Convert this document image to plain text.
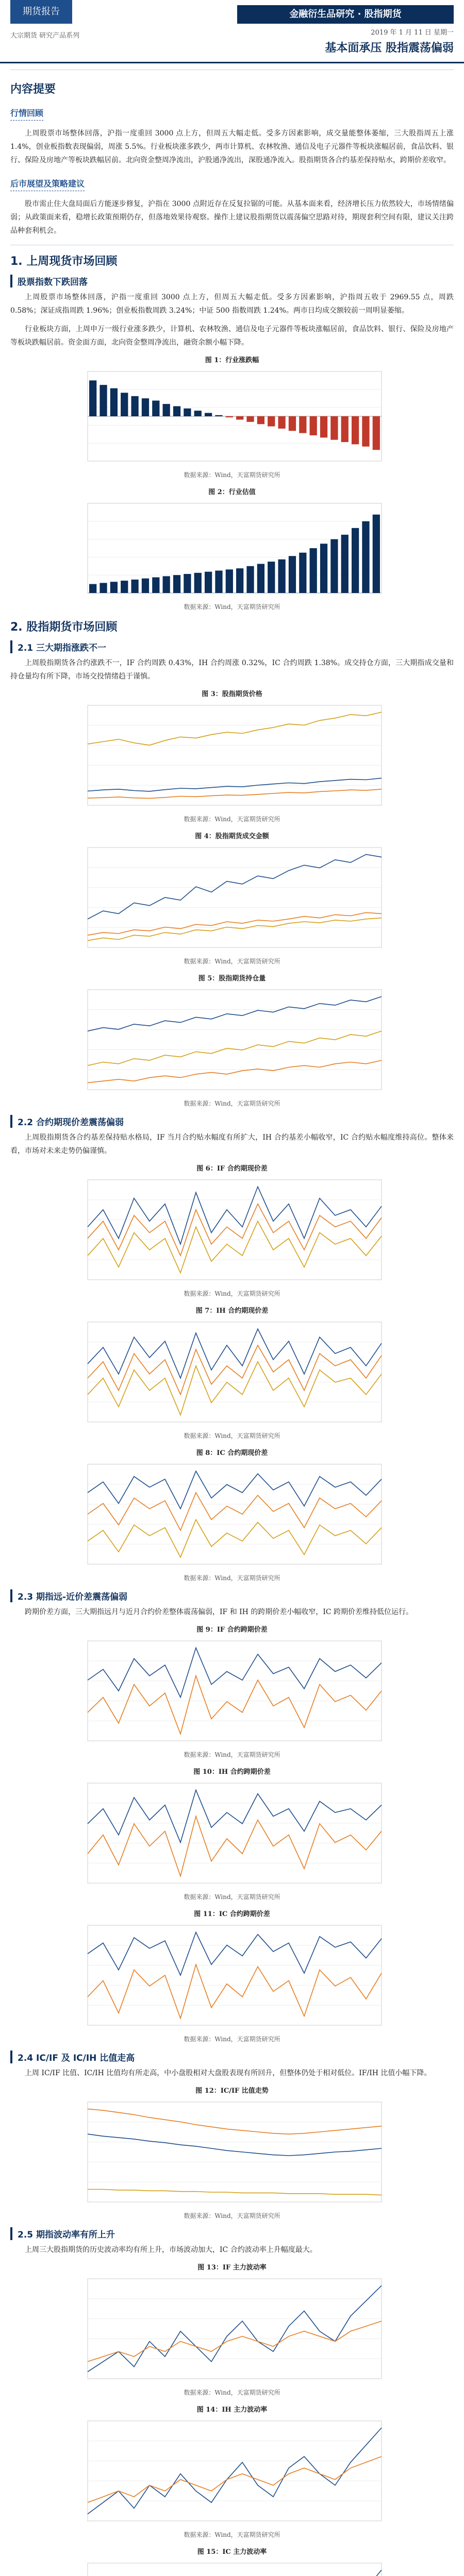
期货报告
大宗期货 研究产品系列
金融衍生品研究 · 股指期货
2019 年 1 月 11 日 星期一
基本面承压 股指震荡偏弱
内容提要
行情回顾

上周股票市场整体回落，沪指一度重回 3000 点上方，但周五大幅走低。受多方因素影响，成交量能整体萎缩，三大股指周五上涨 1.4%，创业板指数表现偏弱，周涨 5.5%。行业板块涨多跌少，两市计算机、农林牧渔、通信及电子元器件等板块涨幅居前，食品饮料、银行、保险及房地产等板块跌幅居前。北向资金整周净流出，沪股通净流出，深股通净流入。股指期货各合约基差保持贴水，跨期价差收窄。

后市展望及策略建议

股市需止住大盘局面后方能逐步修复，沪指在 3000 点附近存在反复拉锯的可能。从基本面来看，经济增长压力依然较大，市场情绪偏弱；从政策面来看，稳增长政策预期仍存，但落地效果待观察。操作上建议股指期货以震荡偏空思路对待，期现套利空间有限，建议关注跨品种套利机会。

1. 上周现货市场回顾
股票指数下跌回落

上周股票市场整体回落，沪指一度重回 3000 点上方，但周五大幅走低。受多方因素影响，沪指周五收于 2969.55 点，周跌 0.58%；深证成指周跌 1.96%；创业板指数周跌 3.24%；中证 500 指数周跌 1.24%。两市日均成交额较前一周明显萎缩。

行业板块方面，上周申万一级行业涨多跌少，计算机、农林牧渔、通信及电子元器件等板块涨幅居前，食品饮料、银行、保险及房地产等板块跌幅居前。资金面方面，北向资金整周净流出，融资余额小幅下降。

图 1：行业涨跌幅
数据来源：Wind，天富期货研究所
图 2：行业估值
数据来源：Wind，天富期货研究所
2. 股指期货市场回顾
2.1 三大期指涨跌不一

上周股指期货各合约涨跌不一，IF 合约周跌 0.43%，IH 合约周涨 0.32%，IC 合约周跌 1.38%。成交持仓方面，三大期指成交量和持仓量均有所下降，市场交投情绪趋于谨慎。

图 3：股指期货价格
数据来源：Wind，天富期货研究所
图 4：股指期货成交金额
数据来源：Wind，天富期货研究所
图 5：股指期货持仓量
数据来源：Wind，天富期货研究所
2.2 合约期现价差震荡偏弱

上周股指期货各合约基差保持贴水格局，IF 当月合约贴水幅度有所扩大，IH 合约基差小幅收窄，IC 合约贴水幅度维持高位。整体来看，市场对未来走势仍偏谨慎。

图 6：IF 合约期现价差
数据来源：Wind，天富期货研究所
图 7：IH 合约期现价差
数据来源：Wind，天富期货研究所
图 8：IC 合约期现价差
数据来源：Wind，天富期货研究所
2.3 期指远-近价差震荡偏弱

跨期价差方面，三大期指远月与近月合约价差整体震荡偏弱，IF 和 IH 的跨期价差小幅收窄，IC 跨期价差维持低位运行。

图 9：IF 合约跨期价差
数据来源：Wind，天富期货研究所
图 10：IH 合约跨期价差
数据来源：Wind，天富期货研究所
图 11：IC 合约跨期价差
数据来源：Wind，天富期货研究所
2.4 IC/IF 及 IC/IH 比值走高

上周 IC/IF 比值、IC/IH 比值均有所走高，中小盘股相对大盘股表现有所回升，但整体仍处于相对低位。IF/IH 比值小幅下降。

图 12：IC/IF 比值走势
数据来源：Wind，天富期货研究所
2.5 期指波动率有所上升

上周三大股指期货的历史波动率均有所上升，市场波动加大，IC 合约波动率上升幅度最大。

图 13：IF 主力波动率
数据来源：Wind，天富期货研究所
图 14：IH 主力波动率
数据来源：Wind，天富期货研究所
图 15：IC 主力波动率
